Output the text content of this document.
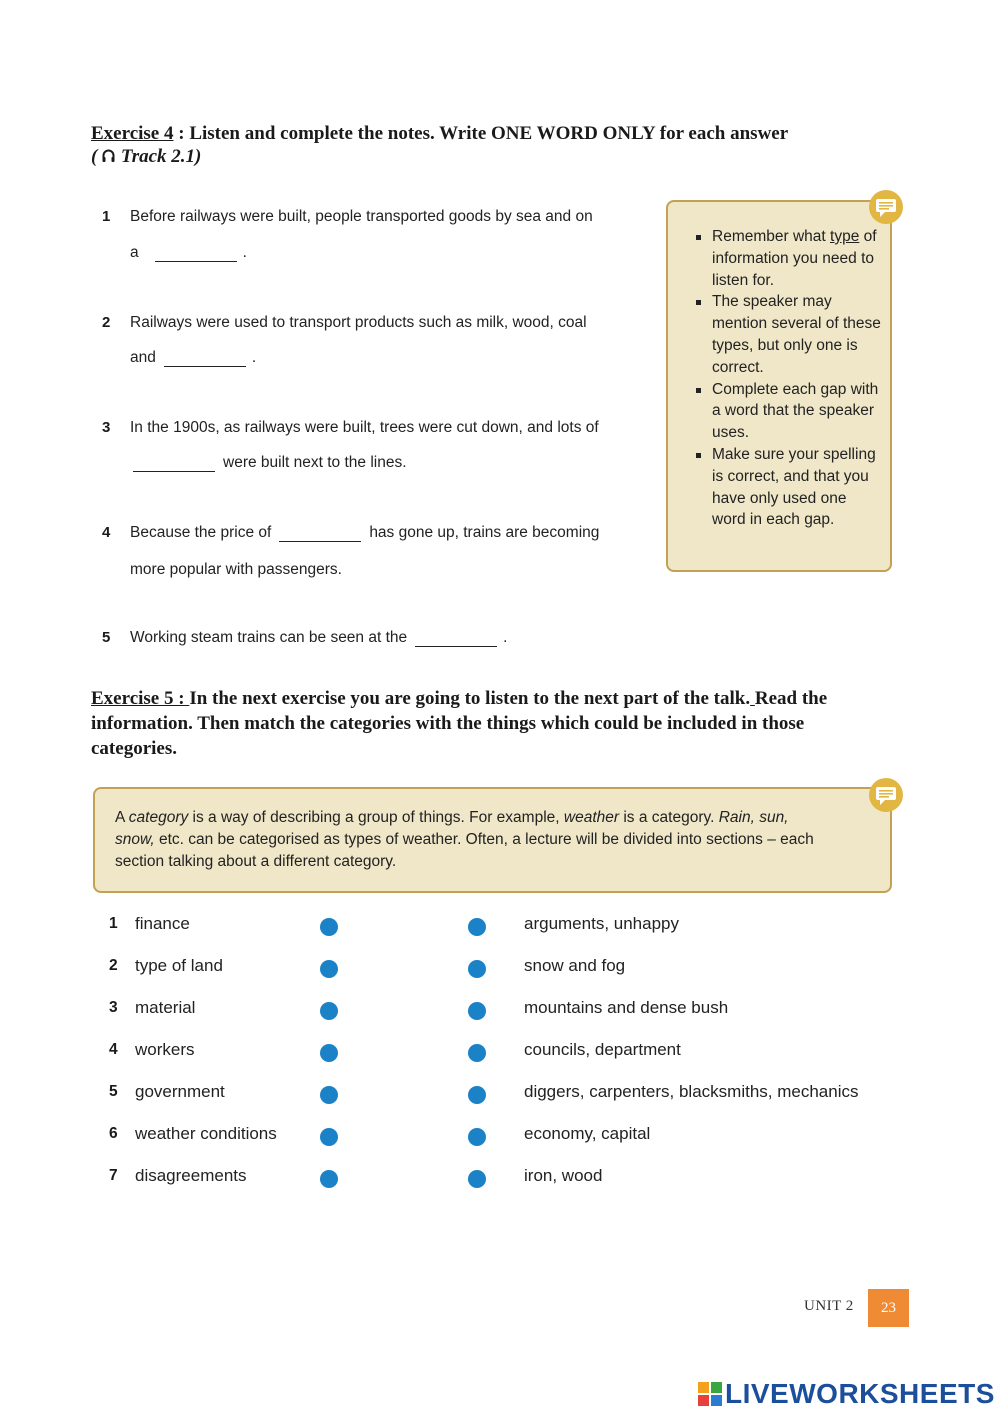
Exercise 4 : Listen and complete the notes. Write ONE WORD ONLY for each answer
( Track 2.1)
1 Before railways were built, people transported goods by sea and on
a	.
2 Railways were used to transport products such as milk, wood, coal
and	.
3 In the 1900s, as railways were built, trees were cut down, and lots of
were built next to the lines.
4 Because the price of	has gone up, trains are becoming
more popular with passengers.
5 Working steam trains can be seen at the	.
Remember what type of information you need to listen for.
The speaker may mention several of these types, but only one is correct.
Complete each gap with a word that the speaker uses.
Make sure your spelling is correct, and that you have only used one word in each gap.
Exercise 5 : In the next exercise you are going to listen to the next part of the talk. Read the
information. Then match the categories with the things which could be included in those
categories.
A category is a way of describing a group of things. For example, weather is a category. Rain, sun,
snow, etc. can be categorised as types of weather. Often, a lecture will be divided into sections – each
section talking about a different category.
1 finance	arguments, unhappy
2 type of land	snow and fog
3 material	mountains and dense bush
4 workers	councils, department
5 government	diggers, carpenters, blacksmiths, mechanics
6 weather conditions	economy, capital
7 disagreements	iron, wood
UNIT 2	23
LIVEWORKSHEETS
